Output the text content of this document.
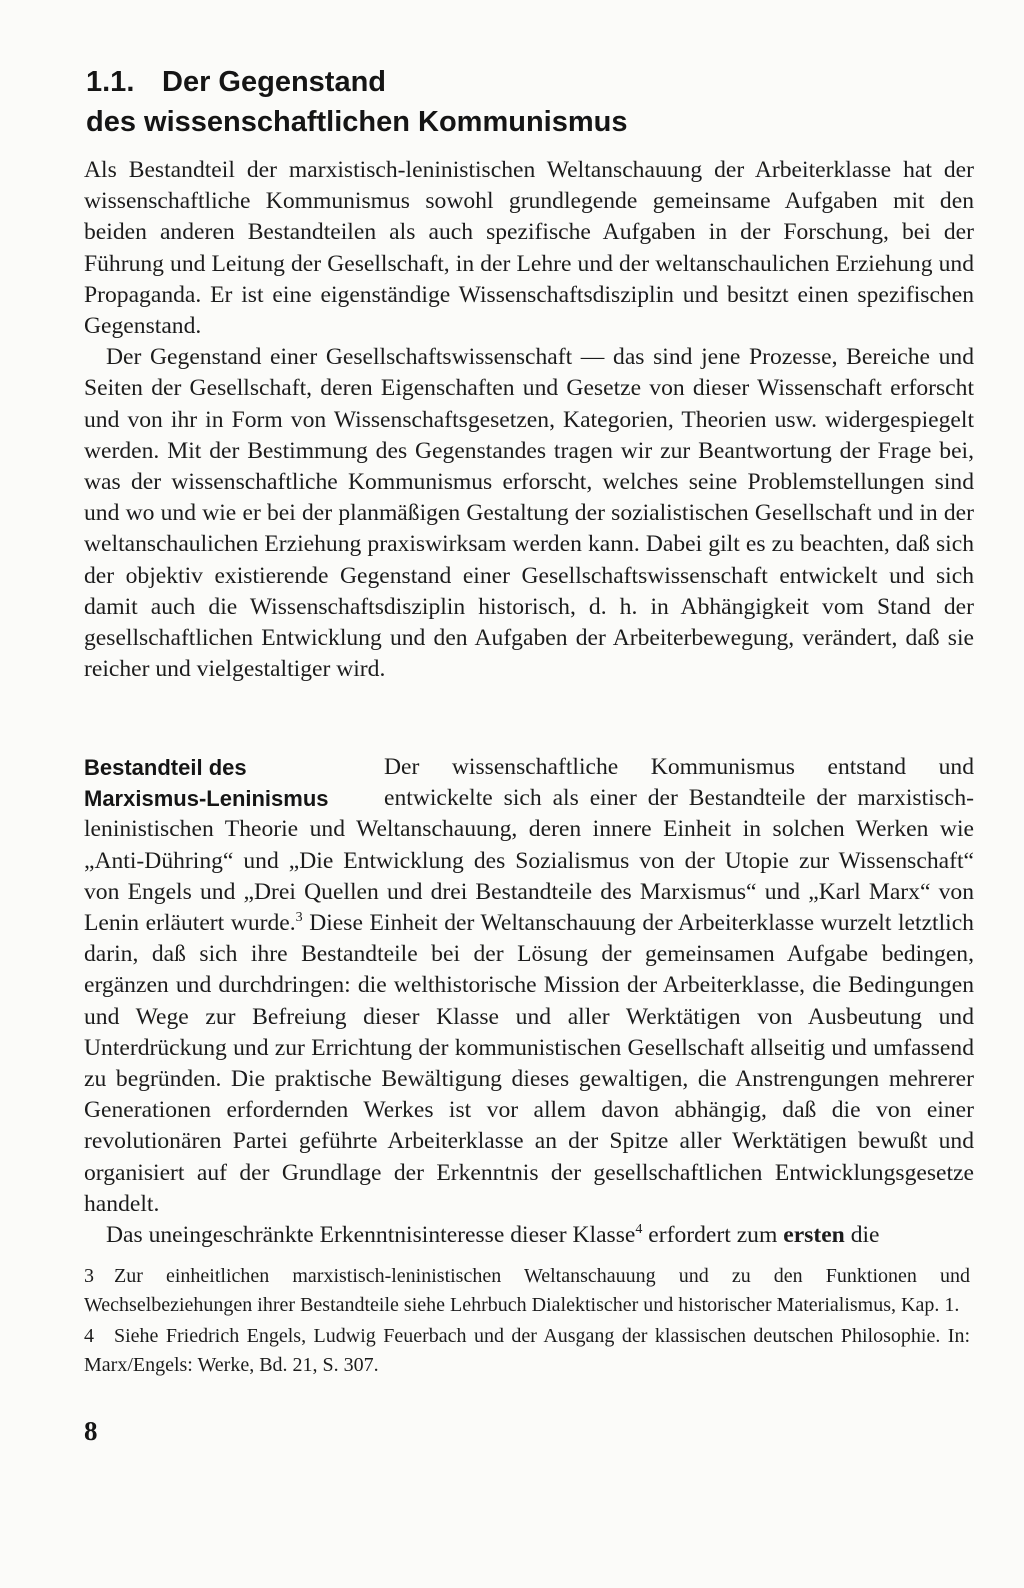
1.1. Der Gegenstand
des wissenschaftlichen Kommunismus

Als Bestandteil der marxistisch-leninistischen Weltanschauung der Arbeiterklasse hat der wissenschaftliche Kommunismus sowohl grundlegende gemeinsame Aufgaben mit den beiden anderen Bestandteilen als auch spezifische Aufgaben in der Forschung, bei der Führung und Leitung der Gesellschaft, in der Lehre und der weltanschaulichen Erziehung und Propaganda. Er ist eine eigenständige Wissenschaftsdisziplin und besitzt einen spezifischen Gegenstand.

Der Gegenstand einer Gesellschaftswissenschaft — das sind jene Prozesse, Bereiche und Seiten der Gesellschaft, deren Eigenschaften und Gesetze von dieser Wissenschaft erforscht und von ihr in Form von Wissenschaftsgesetzen, Kategorien, Theorien usw. widergespiegelt werden. Mit der Bestimmung des Gegenstandes tragen wir zur Beantwortung der Frage bei, was der wissenschaftliche Kommunismus erforscht, welches seine Problemstellungen sind und wo und wie er bei der planmäßigen Gestaltung der sozialistischen Gesellschaft und in der weltanschaulichen Erziehung praxiswirksam werden kann. Dabei gilt es zu beachten, daß sich der objektiv existierende Gegenstand einer Gesellschaftswissenschaft entwickelt und sich damit auch die Wissenschaftsdisziplin historisch, d. h. in Abhängigkeit vom Stand der gesellschaftlichen Entwicklung und den Aufgaben der Arbeiterbewegung, verändert, daß sie reicher und vielgestaltiger wird.

Bestandteil des
Marxismus-Leninismus

Der wissenschaftliche Kommunismus entstand und entwickelte sich als einer der Bestandteile der marxistisch-leninistischen Theorie und Weltanschauung, deren innere Einheit in solchen Werken wie „Anti-Dühring“ und „Die Entwicklung des Sozialismus von der Utopie zur Wissenschaft“ von Engels und „Drei Quellen und drei Bestandteile des Marxismus“ und „Karl Marx“ von Lenin erläutert wurde.$^3$ Diese Einheit der Weltanschauung der Arbeiterklasse wurzelt letztlich darin, daß sich ihre Bestandteile bei der Lösung der gemeinsamen Aufgabe bedingen, ergänzen und durchdringen: die welthistorische Mission der Arbeiterklasse, die Bedingungen und Wege zur Befreiung dieser Klasse und aller Werktätigen von Ausbeutung und Unterdrückung und zur Errichtung der kommunistischen Gesellschaft allseitig und umfassend zu begründen. Die praktische Bewältigung dieses gewaltigen, die Anstrengungen mehrerer Generationen erfordernden Werkes ist vor allem davon abhängig, daß die von einer revolutionären Partei geführte Arbeiterklasse an der Spitze aller Werktätigen bewußt und organisiert auf der Grundlage der Erkenntnis der gesellschaftlichen Entwicklungsgesetze handelt.

Das uneingeschränkte Erkenntnisinteresse dieser Klasse$^4$ erfordert zum ersten die

3 Zur einheitlichen marxistisch-leninistischen Weltanschauung und zu den Funktionen und Wechselbeziehungen ihrer Bestandteile siehe Lehrbuch Dialektischer und historischer Materialismus, Kap. 1.

4 Siehe Friedrich Engels, Ludwig Feuerbach und der Ausgang der klassischen deutschen Philosophie. In: Marx/Engels: Werke, Bd. 21, S. 307.

8
